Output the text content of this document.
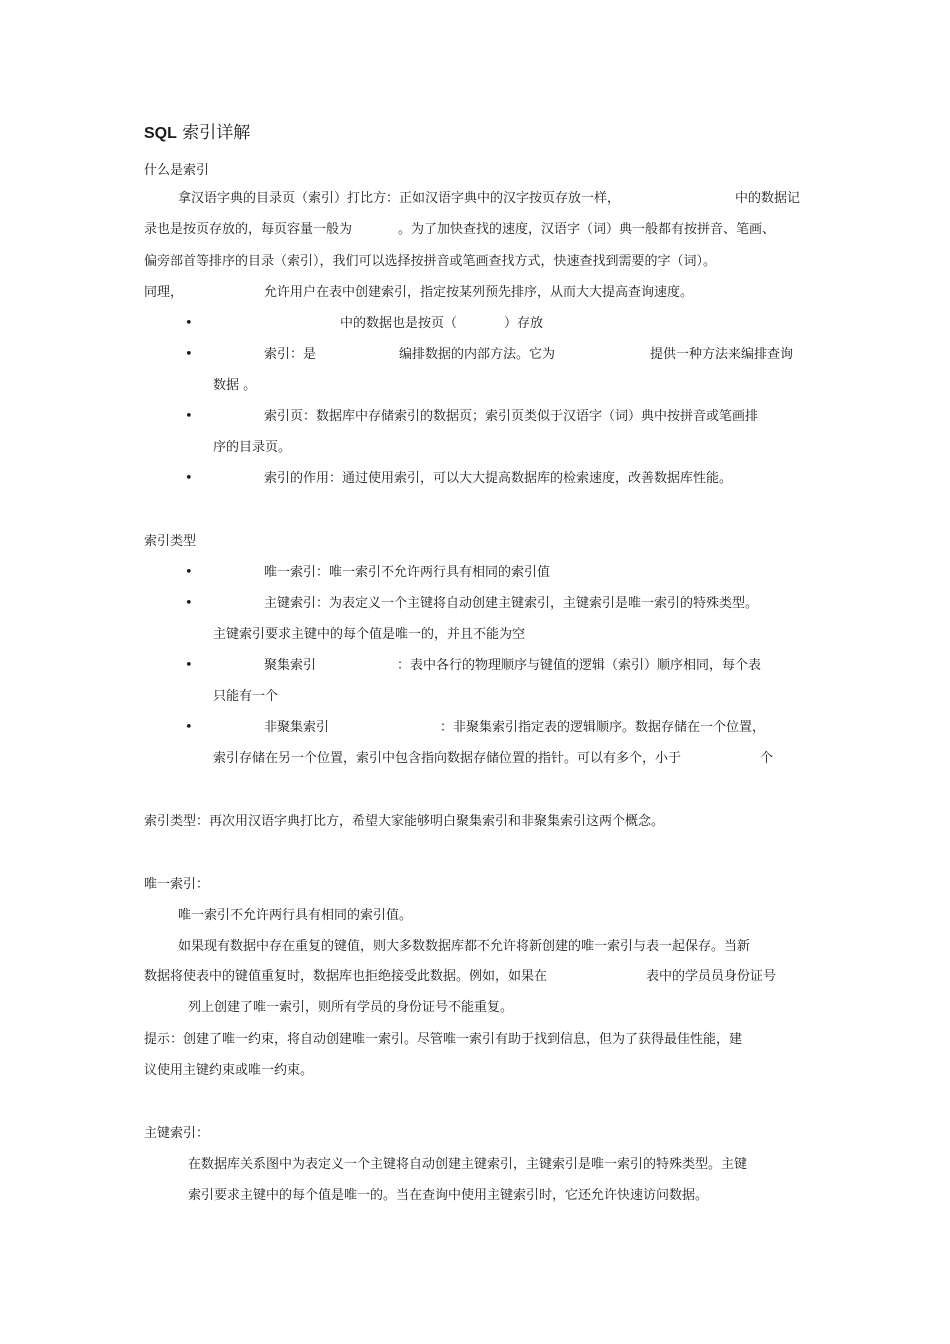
SQL 索引详解
什么是索引
拿汉语字典的目录页（索引）打比方：正如汉语字典中的汉字按页存放一样，	中的数据记
录也是按页存放的，每页容量一般为	。为了加快查找的速度，汉语字（词）典一般都有按拼音、笔画、
偏旁部首等排序的目录（索引），我们可以选择按拼音或笔画查找方式，快速查找到需要的字（词）。
同理，	允许用户在表中创建索引，指定按某列预先排序，从而大大提高查询速度。
•	中的数据也是按页（	）存放
•	索引：是	编排数据的内部方法。它为	提供一种方法来编排查询
数据 。
•	索引页：数据库中存储索引的数据页；索引页类似于汉语字（词）典中按拼音或笔画排
序的目录页。
•	索引的作用：通过使用索引，可以大大提高数据库的检索速度，改善数据库性能。
索引类型
•	唯一索引：唯一索引不允许两行具有相同的索引值
•	主键索引：为表定义一个主键将自动创建主键索引，主键索引是唯一索引的特殊类型。
主键索引要求主键中的每个值是唯一的，并且不能为空
•	聚集索引	：表中各行的物理顺序与键值的逻辑（索引）顺序相同，每个表
只能有一个
•	非聚集索引	：非聚集索引指定表的逻辑顺序。数据存储在一个位置，
索引存储在另一个位置，索引中包含指向数据存储位置的指针。可以有多个，小于	个
索引类型：再次用汉语字典打比方，希望大家能够明白聚集索引和非聚集索引这两个概念。
唯一索引：
唯一索引不允许两行具有相同的索引值。
如果现有数据中存在重复的键值，则大多数数据库都不允许将新创建的唯一索引与表一起保存。当新
数据将使表中的键值重复时，数据库也拒绝接受此数据。例如，如果在	表中的学员员身份证号
列上创建了唯一索引，则所有学员的身份证号不能重复。
提示：创建了唯一约束，将自动创建唯一索引。尽管唯一索引有助于找到信息，但为了获得最佳性能，建
议使用主键约束或唯一约束。
主键索引：
在数据库关系图中为表定义一个主键将自动创建主键索引，主键索引是唯一索引的特殊类型。主键
索引要求主键中的每个值是唯一的。当在查询中使用主键索引时，它还允许快速访问数据。
